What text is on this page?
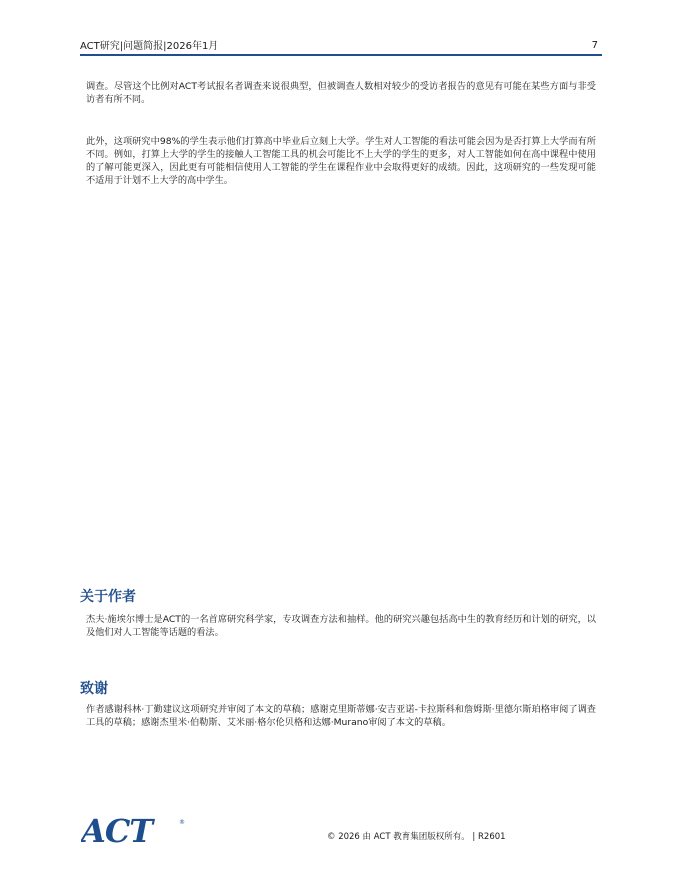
ACT研究|问题简报|2026年1月	7

调查。尽管这个比例对ACT考试报名者调查来说很典型，但被调查人数相对较少的受访者报告的意见有可能在某些方面与非受访者有所不同。

此外，这项研究中98%的学生表示他们打算高中毕业后立刻上大学。学生对人工智能的看法可能会因为是否打算上大学而有所不同。例如，打算上大学的学生的接触人工智能工具的机会可能比不上大学的学生的更多，对人工智能如何在高中课程中使用的了解可能更深入，因此更有可能相信使用人工智能的学生在课程作业中会取得更好的成绩。因此，这项研究的一些发现可能不适用于计划不上大学的高中学生。

关于作者

杰夫·施埃尔博士是ACT的一名首席研究科学家，专攻调查方法和抽样。他的研究兴趣包括高中生的教育经历和计划的研究，以及他们对人工智能等话题的看法。

致谢

作者感谢科林·丁勤建议这项研究并审阅了本文的草稿；感谢克里斯蒂娜·安吉亚诺-卡拉斯科和詹姆斯·里德尔斯珀格审阅了调查工具的草稿；感谢杰里米·伯勒斯、艾米丽·格尔伦贝格和达娜·Murano审阅了本文的草稿。

ACT	®
© 2026 由 ACT 教育集团版权所有。 | R2601
